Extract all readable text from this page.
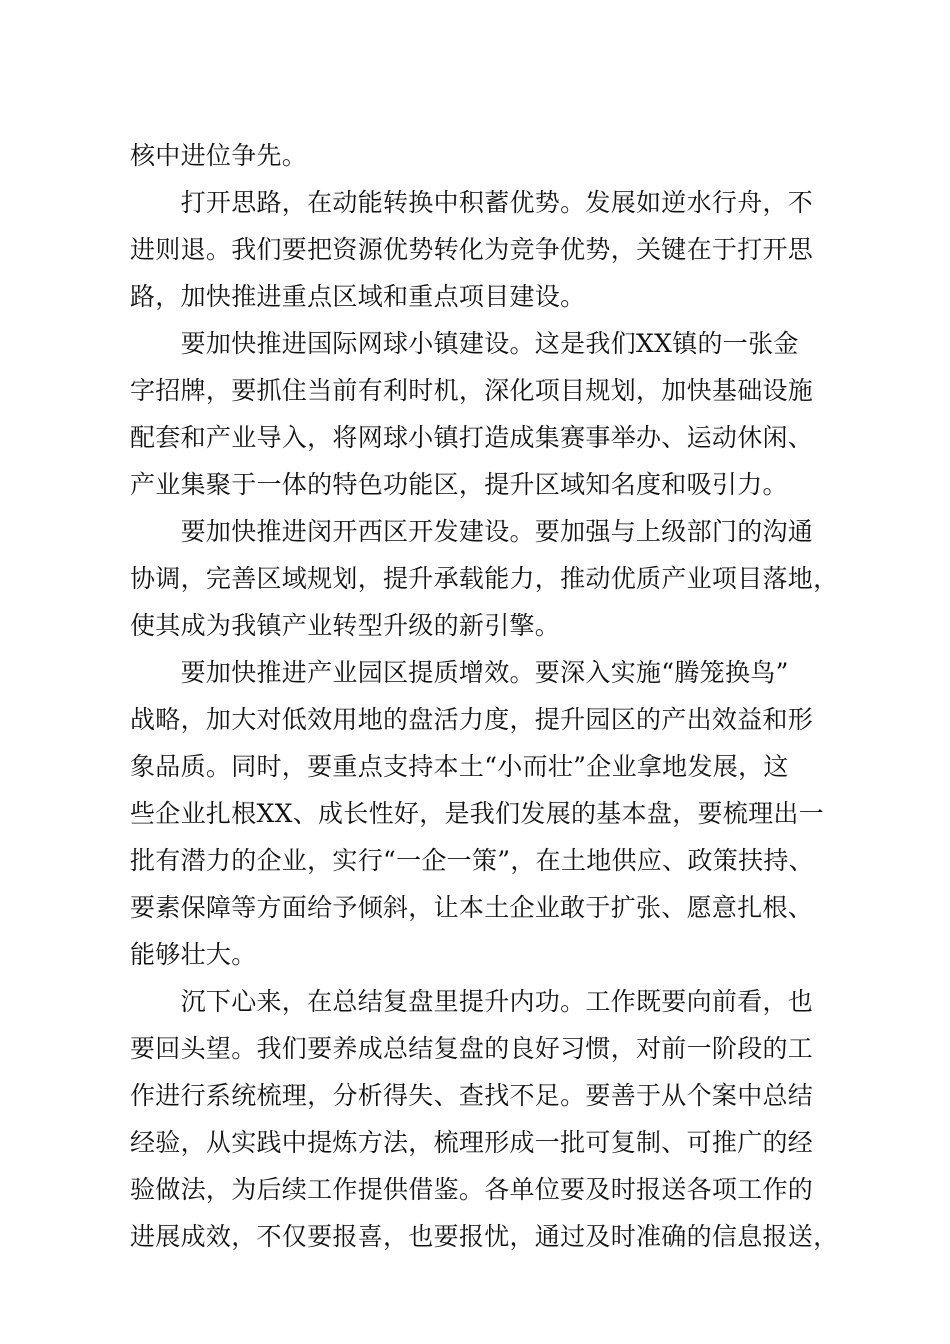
核中进位争先。

　　打开思路，在动能转换中积蓄优势。发展如逆水行舟，不

进则退。我们要把资源优势转化为竞争优势，关键在于打开思

路，加快推进重点区域和重点项目建设。

　　要加快推进国际网球小镇建设。这是我们XX镇的一张金

字招牌，要抓住当前有利时机，深化项目规划，加快基础设施

配套和产业导入，将网球小镇打造成集赛事举办、运动休闲、

产业集聚于一体的特色功能区，提升区域知名度和吸引力。

　　要加快推进闵开西区开发建设。要加强与上级部门的沟通

协调，完善区域规划，提升承载能力，推动优质产业项目落地，

使其成为我镇产业转型升级的新引擎。

　　要加快推进产业园区提质增效。要深入实施“腾笼换鸟”

战略，加大对低效用地的盘活力度，提升园区的产出效益和形

象品质。同时，要重点支持本土“小而壮”企业拿地发展，这

些企业扎根XX、成长性好，是我们发展的基本盘，要梳理出一

批有潜力的企业，实行“一企一策”，在土地供应、政策扶持、

要素保障等方面给予倾斜，让本土企业敢于扩张、愿意扎根、

能够壮大。

　　沉下心来，在总结复盘里提升内功。工作既要向前看，也

要回头望。我们要养成总结复盘的良好习惯，对前一阶段的工

作进行系统梳理，分析得失、查找不足。要善于从个案中总结

经验，从实践中提炼方法，梳理形成一批可复制、可推广的经

验做法，为后续工作提供借鉴。各单位要及时报送各项工作的

进展成效，不仅要报喜，也要报忧，通过及时准确的信息报送，
